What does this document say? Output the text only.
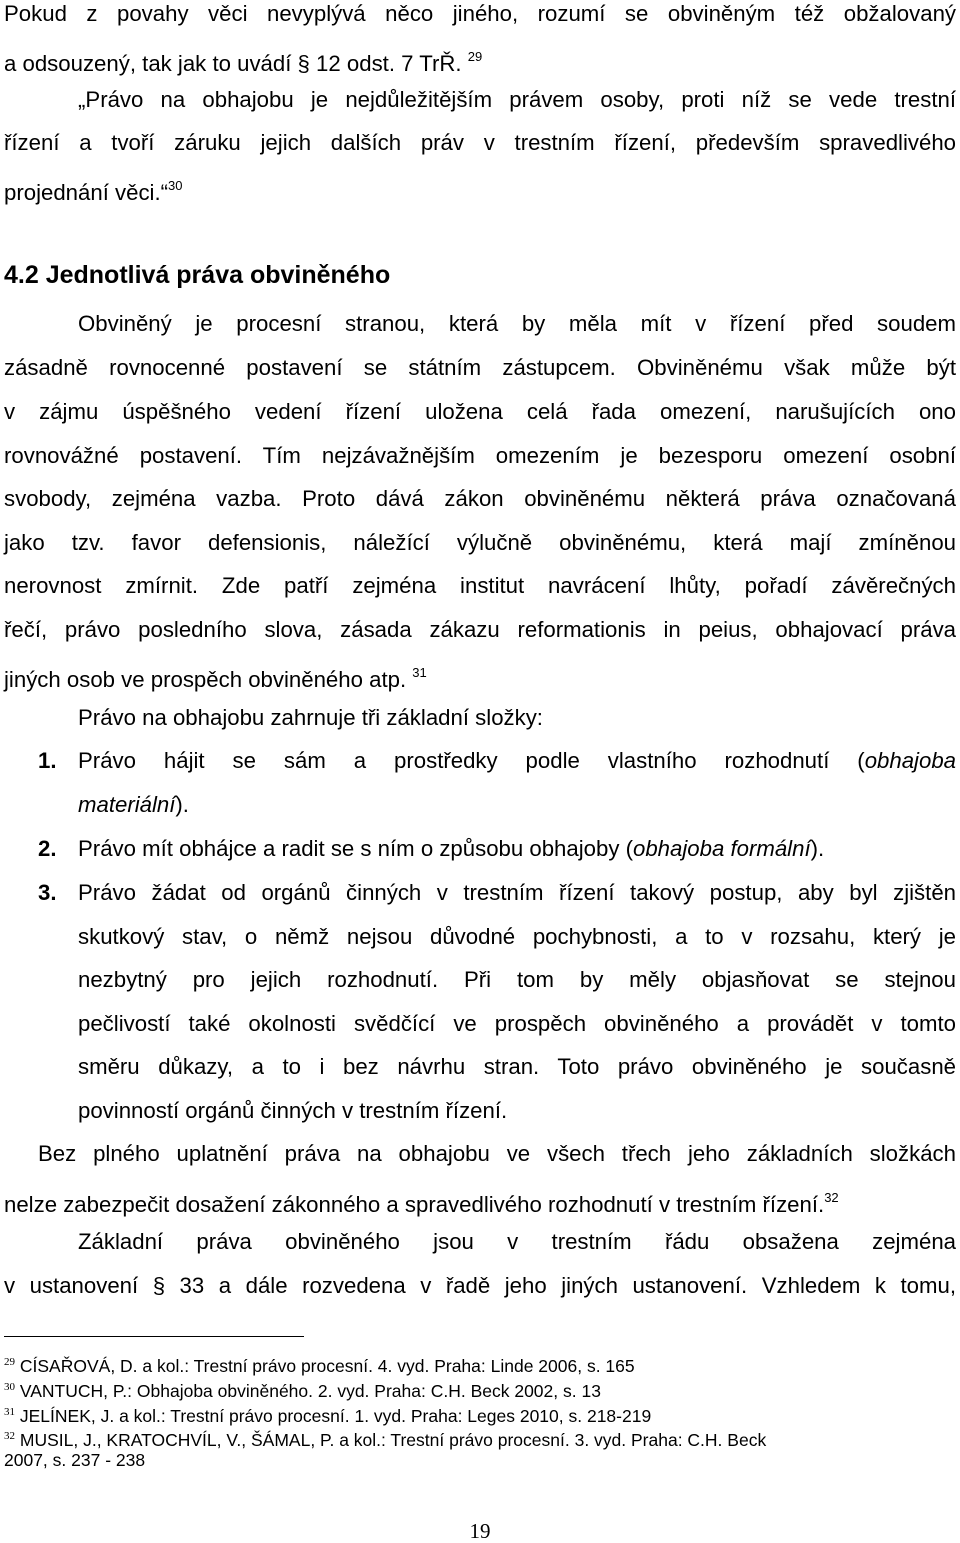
Pokud z povahy věci nevyplývá něco jiného, rozumí se obviněným též obžalovaný
a odsouzený, tak jak to uvádí § 12 odst. 7 TrŘ. $^{29}$
„Právo na obhajobu je nejdůležitějším právem osoby, proti níž se vede trestní
řízení a tvoří záruku jejich dalších práv v trestním řízení, především spravedlivého
projednání věci.“$^{30}$
4.2 Jednotlivá práva obviněného
Obviněný je procesní stranou, která by měla mít v řízení před soudem
zásadně rovnocenné postavení se státním zástupcem. Obviněnému však může být
v zájmu úspěšného vedení řízení uložena celá řada omezení, narušujících ono
rovnovážné postavení. Tím nejzávažnějším omezením je bezesporu omezení osobní
svobody, zejména vazba. Proto dává zákon obviněnému některá práva označovaná
jako tzv. favor defensionis, náležící výlučně obviněnému, která mají zmíněnou
nerovnost zmírnit. Zde patří zejména institut navrácení lhůty, pořadí závěrečných
řečí, právo posledního slova, zásada zákazu reformationis in peius, obhajovací práva
jiných osob ve prospěch obviněného atp. $^{31}$
Právo na obhajobu zahrnuje tři základní složky:
1. Právo hájit se sám a prostředky podle vlastního rozhodnutí (obhajoba
materiální).
2. Právo mít obhájce a radit se s ním o způsobu obhajoby (obhajoba formální).
3. Právo žádat od orgánů činných v trestním řízení takový postup, aby byl zjištěn
skutkový stav, o němž nejsou důvodné pochybnosti, a to v rozsahu, který je
nezbytný pro jejich rozhodnutí. Při tom by měly objasňovat se stejnou
pečlivostí také okolnosti svědčící ve prospěch obviněného a provádět v tomto
směru důkazy, a to i bez návrhu stran. Toto právo obviněného je současně
povinností orgánů činných v trestním řízení.
Bez plného uplatnění práva na obhajobu ve všech třech jeho základních složkách
nelze zabezpečit dosažení zákonného a spravedlivého rozhodnutí v trestním řízení.$^{32}$
Základní práva obviněného jsou v trestním řádu obsažena zejména
v ustanovení § 33 a dále rozvedena v řadě jeho jiných ustanovení. Vzhledem k tomu,
$^{29}$ CÍSAŘOVÁ, D. a kol.: Trestní právo procesní. 4. vyd. Praha: Linde 2006, s. 165
$^{30}$ VANTUCH, P.: Obhajoba obviněného. 2. vyd. Praha: C.H. Beck 2002, s. 13
$^{31}$ JELÍNEK, J. a kol.: Trestní právo procesní. 1. vyd. Praha: Leges 2010, s. 218-219
$^{32}$ MUSIL, J., KRATOCHVÍL, V., ŠÁMAL, P. a kol.: Trestní právo procesní. 3. vyd. Praha: C.H. Beck
2007, s. 237 - 238
19
